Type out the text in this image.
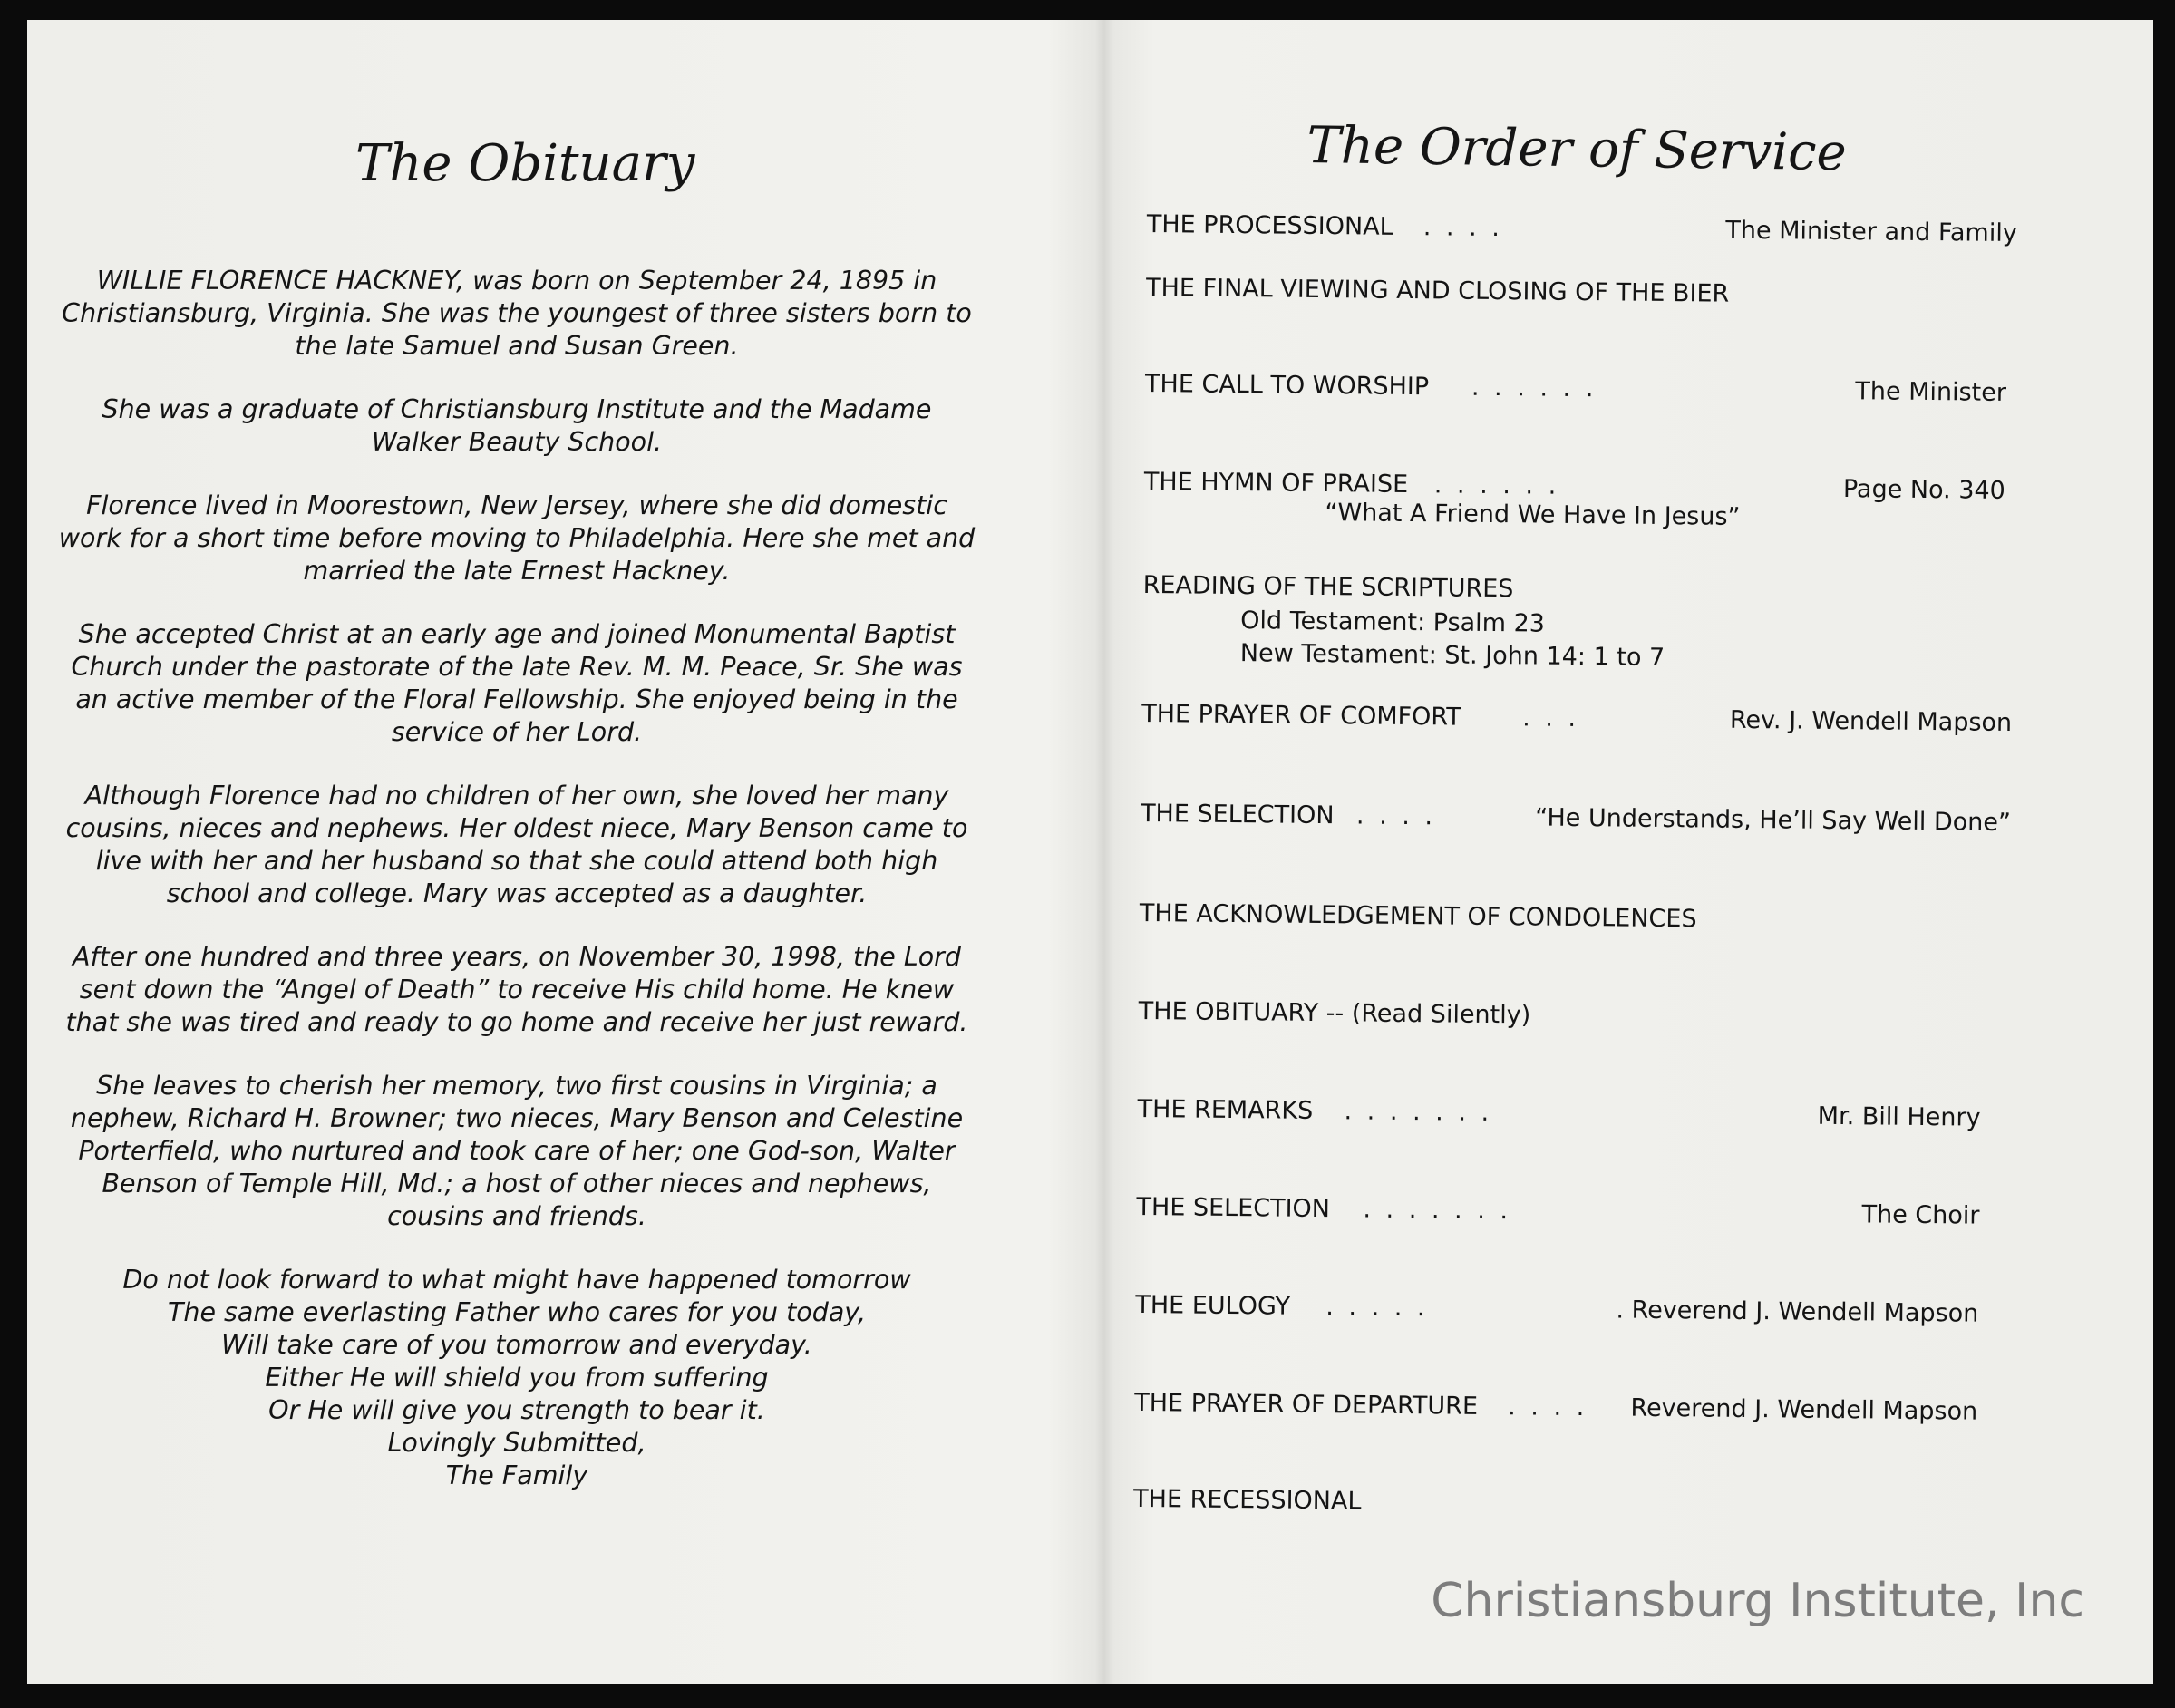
The Obituary

WILLIE FLORENCE HACKNEY, was born on September 24, 1895 in Christiansburg, Virginia. She was the youngest of three sisters born to the late Samuel and Susan Green.

She was a graduate of Christiansburg Institute and the Madame Walker Beauty School.

Florence lived in Moorestown, New Jersey, where she did domestic work for a short time before moving to Philadelphia. Here she met and married the late Ernest Hackney.

She accepted Christ at an early age and joined Monumental Baptist Church under the pastorate of the late Rev. M. M. Peace, Sr. She was an active member of the Floral Fellowship. She enjoyed being in the service of her Lord.

Although Florence had no children of her own, she loved her many cousins, nieces and nephews. Her oldest niece, Mary Benson came to live with her and her husband so that she could attend both high school and college. Mary was accepted as a daughter.

After one hundred and three years, on November 30, 1998, the Lord sent down the “Angel of Death” to receive His child home. He knew that she was tired and ready to go home and receive her just reward.

She leaves to cherish her memory, two first cousins in Virginia; a nephew, Richard H. Browner; two nieces, Mary Benson and Celestine Porterfield, who nurtured and took care of her; one God-son, Walter Benson of Temple Hill, Md.; a host of other nieces and nephews, cousins and friends.

Do not look forward to what might have happened tomorrow

The same everlasting Father who cares for you today,

Will take care of you tomorrow and everyday.

Either He will shield you from suffering

Or He will give you strength to bear it.

Lovingly Submitted,

The Family

The Order of Service
THE PROCESSIONAL . . . .	The Minister and Family
THE FINAL VIEWING AND CLOSING OF THE BIER
THE CALL TO WORSHIP . . . . . .	The Minister
THE HYMN OF PRAISE . . . . . .	Page No. 340
“What A Friend We Have In Jesus”
READING OF THE SCRIPTURES
Old Testament: Psalm 23
New Testament: St. John 14: 1 to 7
THE PRAYER OF COMFORT . . .	Rev. J. Wendell Mapson
THE SELECTION . . . .	“He Understands, He’ll Say Well Done”
THE ACKNOWLEDGEMENT OF CONDOLENCES
THE OBITUARY -- (Read Silently)
THE REMARKS . . . . . . .	Mr. Bill Henry
THE SELECTION . . . . . . .	The Choir
THE EULOGY . . . . .	. Reverend J. Wendell Mapson
THE PRAYER OF DEPARTURE . . . . Reverend J. Wendell Mapson
THE RECESSIONAL
Christiansburg Institute, Inc
